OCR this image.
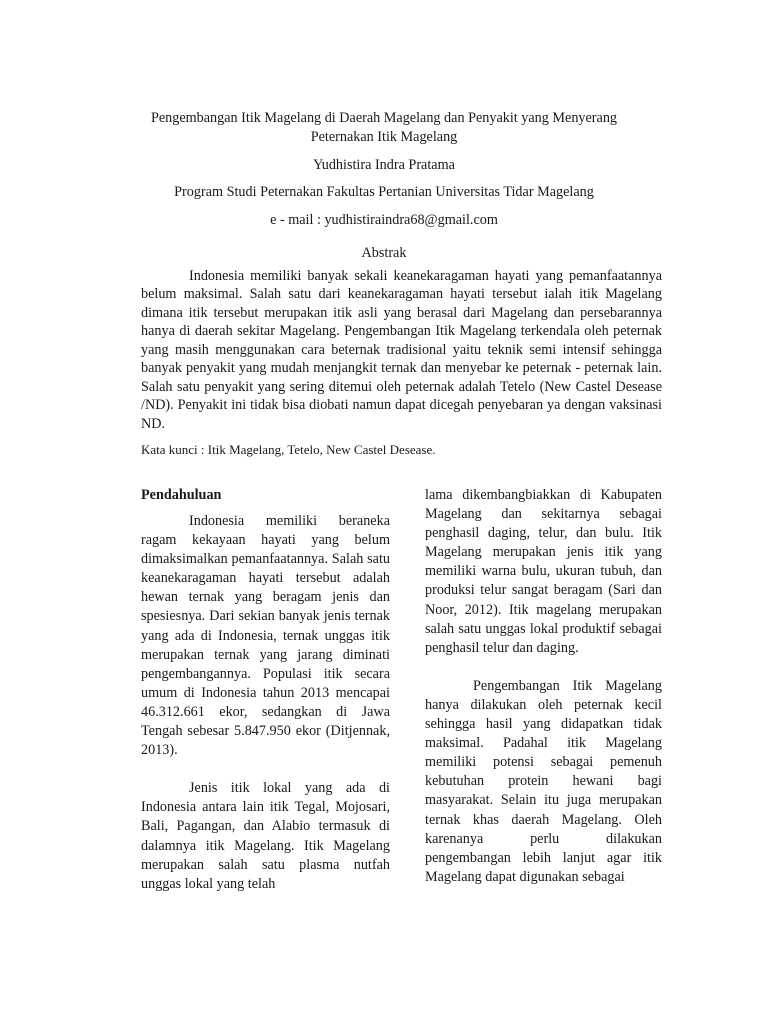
Pengembangan Itik Magelang di Daerah Magelang dan Penyakit yang Menyerang
Peternakan Itik Magelang
Yudhistira Indra Pratama
Program Studi Peternakan Fakultas Pertanian Universitas Tidar Magelang
e - mail : yudhistiraindra68@gmail.com
Abstrak

Indonesia memiliki banyak sekali keanekaragaman hayati yang pemanfaatannya belum maksimal. Salah satu dari keanekaragaman hayati tersebut ialah itik Magelang dimana itik tersebut merupakan itik asli yang berasal dari Magelang dan persebarannya hanya di daerah sekitar Magelang. Pengembangan Itik Magelang terkendala oleh peternak yang masih menggunakan cara beternak tradisional yaitu teknik semi intensif sehingga banyak penyakit yang mudah menjangkit ternak dan menyebar ke peternak - peternak lain. Salah satu penyakit yang sering ditemui oleh peternak adalah Tetelo (New Castel Desease /ND). Penyakit ini tidak bisa diobati namun dapat dicegah penyebaran ya dengan vaksinasi ND.

Kata kunci : Itik Magelang, Tetelo, New Castel Desease.
Pendahuluan

Indonesia memiliki beraneka ragam kekayaan hayati yang belum dimaksimalkan pemanfaatannya. Salah satu keanekaragaman hayati tersebut adalah hewan ternak yang beragam jenis dan spesiesnya. Dari sekian banyak jenis ternak yang ada di Indonesia, ternak unggas itik merupakan ternak yang jarang diminati pengembangannya. Populasi itik secara umum di Indonesia tahun 2013 mencapai 46.312.661 ekor, sedangkan di Jawa Tengah sebesar 5.847.950 ekor (Ditjennak, 2013).

Jenis itik lokal yang ada di Indonesia antara lain itik Tegal, Mojosari, Bali, Pagangan, dan Alabio termasuk di dalamnya itik Magelang. Itik Magelang merupakan salah satu plasma nutfah unggas lokal yang telah

lama dikembangbiakkan di Kabupaten Magelang dan sekitarnya sebagai penghasil daging, telur, dan bulu. Itik Magelang merupakan jenis itik yang memiliki warna bulu, ukuran tubuh, dan produksi telur sangat beragam (Sari dan Noor, 2012). Itik magelang merupakan salah satu unggas lokal produktif sebagai penghasil telur dan daging.

Pengembangan Itik Magelang hanya dilakukan oleh peternak kecil sehingga hasil yang didapatkan tidak maksimal. Padahal itik Magelang memiliki potensi sebagai pemenuh kebutuhan protein hewani bagi masyarakat. Selain itu juga merupakan ternak khas daerah Magelang. Oleh karenanya perlu dilakukan pengembangan lebih lanjut agar itik Magelang dapat digunakan sebagai
